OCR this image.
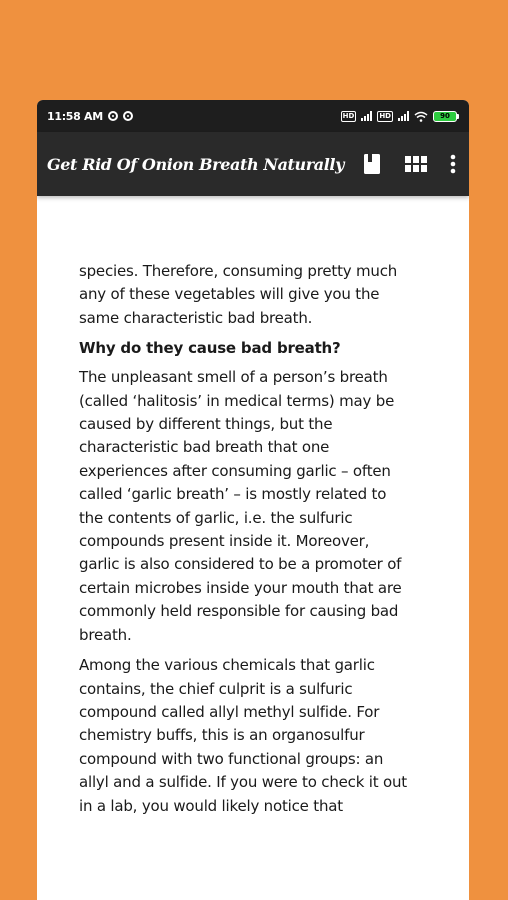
11:58 AM	HD	HD	90
Get Rid Of Onion Breath Naturally

species. Therefore, consuming pretty much any of these vegetables will give you the same characteristic bad breath.

Why do they cause bad breath?

The unpleasant smell of a person’s breath (called ‘halitosis’ in medical terms) may be caused by different things, but the characteristic bad breath that one experiences after consuming garlic – often called ‘garlic breath’ – is mostly related to the contents of garlic, i.e. the sulfuric compounds present inside it. Moreover, garlic is also considered to be a promoter of certain microbes inside your mouth that are commonly held responsible for causing bad breath.

Among the various chemicals that garlic contains, the chief culprit is a sulfuric compound called allyl methyl sulfide. For chemistry buffs, this is an organosulfur compound with two functional groups: an allyl and a sulfide. If you were to check it out in a lab, you would likely notice that
